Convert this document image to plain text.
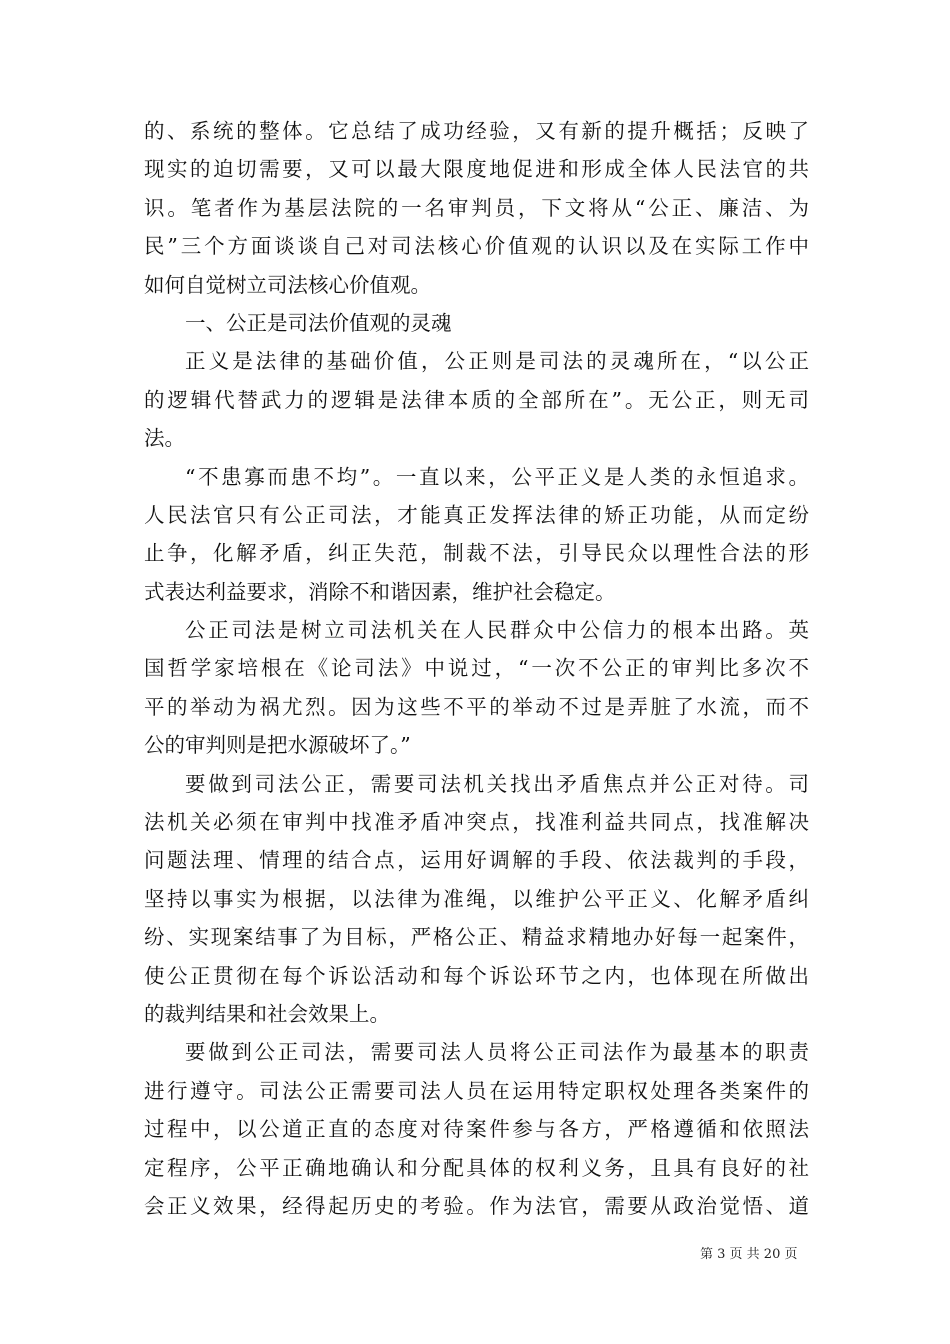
的、系统的整体。它总结了成功经验，又有新的提升概括；反映了
现实的迫切需要，又可以最大限度地促进和形成全体人民法官的共
识。笔者作为基层法院的一名审判员，下文将从“公正、廉洁、为
民”三个方面谈谈自己对司法核心价值观的认识以及在实际工作中
如何自觉树立司法核心价值观。
一、公正是司法价值观的灵魂
正义是法律的基础价值，公正则是司法的灵魂所在，“以公正
的逻辑代替武力的逻辑是法律本质的全部所在”。无公正，则无司
法。
“不患寡而患不均”。一直以来，公平正义是人类的永恒追求。
人民法官只有公正司法，才能真正发挥法律的矫正功能，从而定纷
止争，化解矛盾，纠正失范，制裁不法，引导民众以理性合法的形
式表达利益要求，消除不和谐因素，维护社会稳定。
公正司法是树立司法机关在人民群众中公信力的根本出路。英
国哲学家培根在《论司法》中说过，“一次不公正的审判比多次不
平的举动为祸尤烈。因为这些不平的举动不过是弄脏了水流，而不
公的审判则是把水源破坏了。”
要做到司法公正，需要司法机关找出矛盾焦点并公正对待。司
法机关必须在审判中找准矛盾冲突点，找准利益共同点，找准解决
问题法理、情理的结合点，运用好调解的手段、依法裁判的手段，
坚持以事实为根据，以法律为准绳，以维护公平正义、化解矛盾纠
纷、实现案结事了为目标，严格公正、精益求精地办好每一起案件，
使公正贯彻在每个诉讼活动和每个诉讼环节之内，也体现在所做出
的裁判结果和社会效果上。
要做到公正司法，需要司法人员将公正司法作为最基本的职责
进行遵守。司法公正需要司法人员在运用特定职权处理各类案件的
过程中，以公道正直的态度对待案件参与各方，严格遵循和依照法
定程序，公平正确地确认和分配具体的权利义务，且具有良好的社
会正义效果，经得起历史的考验。作为法官，需要从政治觉悟、道
第 3 页 共 20 页
